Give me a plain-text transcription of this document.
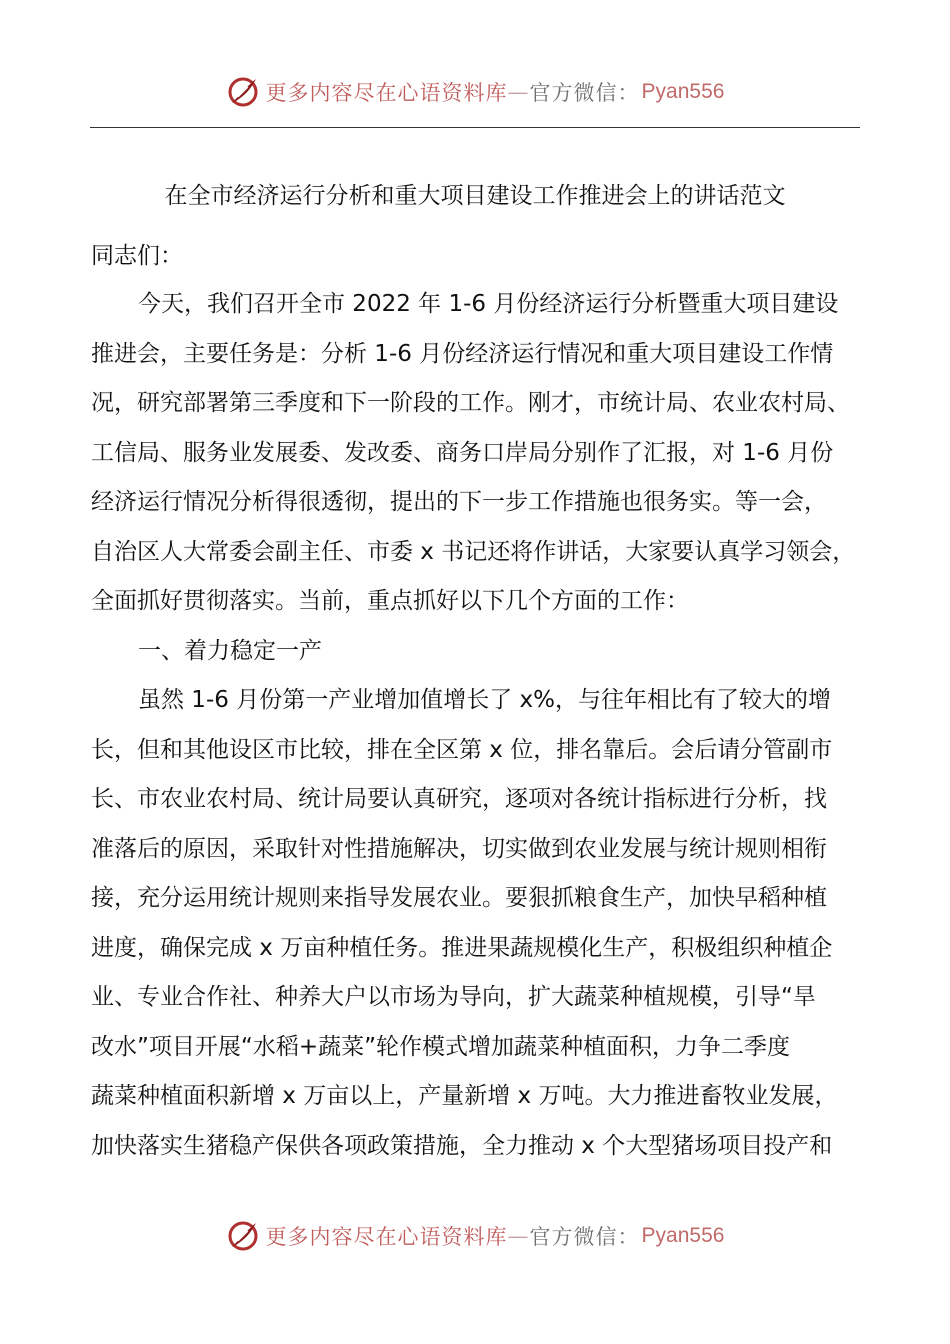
更多内容尽在心语资料库 — 官方微信： Pyan556
在全市经济运行分析和重大项目建设工作推进会上的讲话范文
同志们：
今天，我们召开全市 2022 年 1-6 月份经济运行分析暨重大项目建设
推进会，主要任务是：分析 1-6 月份经济运行情况和重大项目建设工作情
况，研究部署第三季度和下一阶段的工作。刚才，市统计局、农业农村局、
工信局、服务业发展委、发改委、商务口岸局分别作了汇报，对 1-6 月份
经济运行情况分析得很透彻，提出的下一步工作措施也很务实。等一会，
自治区人大常委会副主任、市委 x 书记还将作讲话，大家要认真学习领会，
全面抓好贯彻落实。当前，重点抓好以下几个方面的工作：
一、着力稳定一产
虽然 1-6 月份第一产业增加值增长了 x%，与往年相比有了较大的增
长，但和其他设区市比较，排在全区第 x 位，排名靠后。会后请分管副市
长、市农业农村局、统计局要认真研究，逐项对各统计指标进行分析，找
准落后的原因，采取针对性措施解决，切实做到农业发展与统计规则相衔
接，充分运用统计规则来指导发展农业。要狠抓粮食生产，加快早稻种植
进度，确保完成 x 万亩种植任务。推进果蔬规模化生产，积极组织种植企
业、专业合作社、种养大户以市场为导向，扩大蔬菜种植规模，引导“旱
改水”项目开展“水稻+蔬菜”轮作模式增加蔬菜种植面积，力争二季度
蔬菜种植面积新增 x 万亩以上，产量新增 x 万吨。大力推进畜牧业发展，
加快落实生猪稳产保供各项政策措施，全力推动 x 个大型猪场项目投产和
更多内容尽在心语资料库 — 官方微信： Pyan556
